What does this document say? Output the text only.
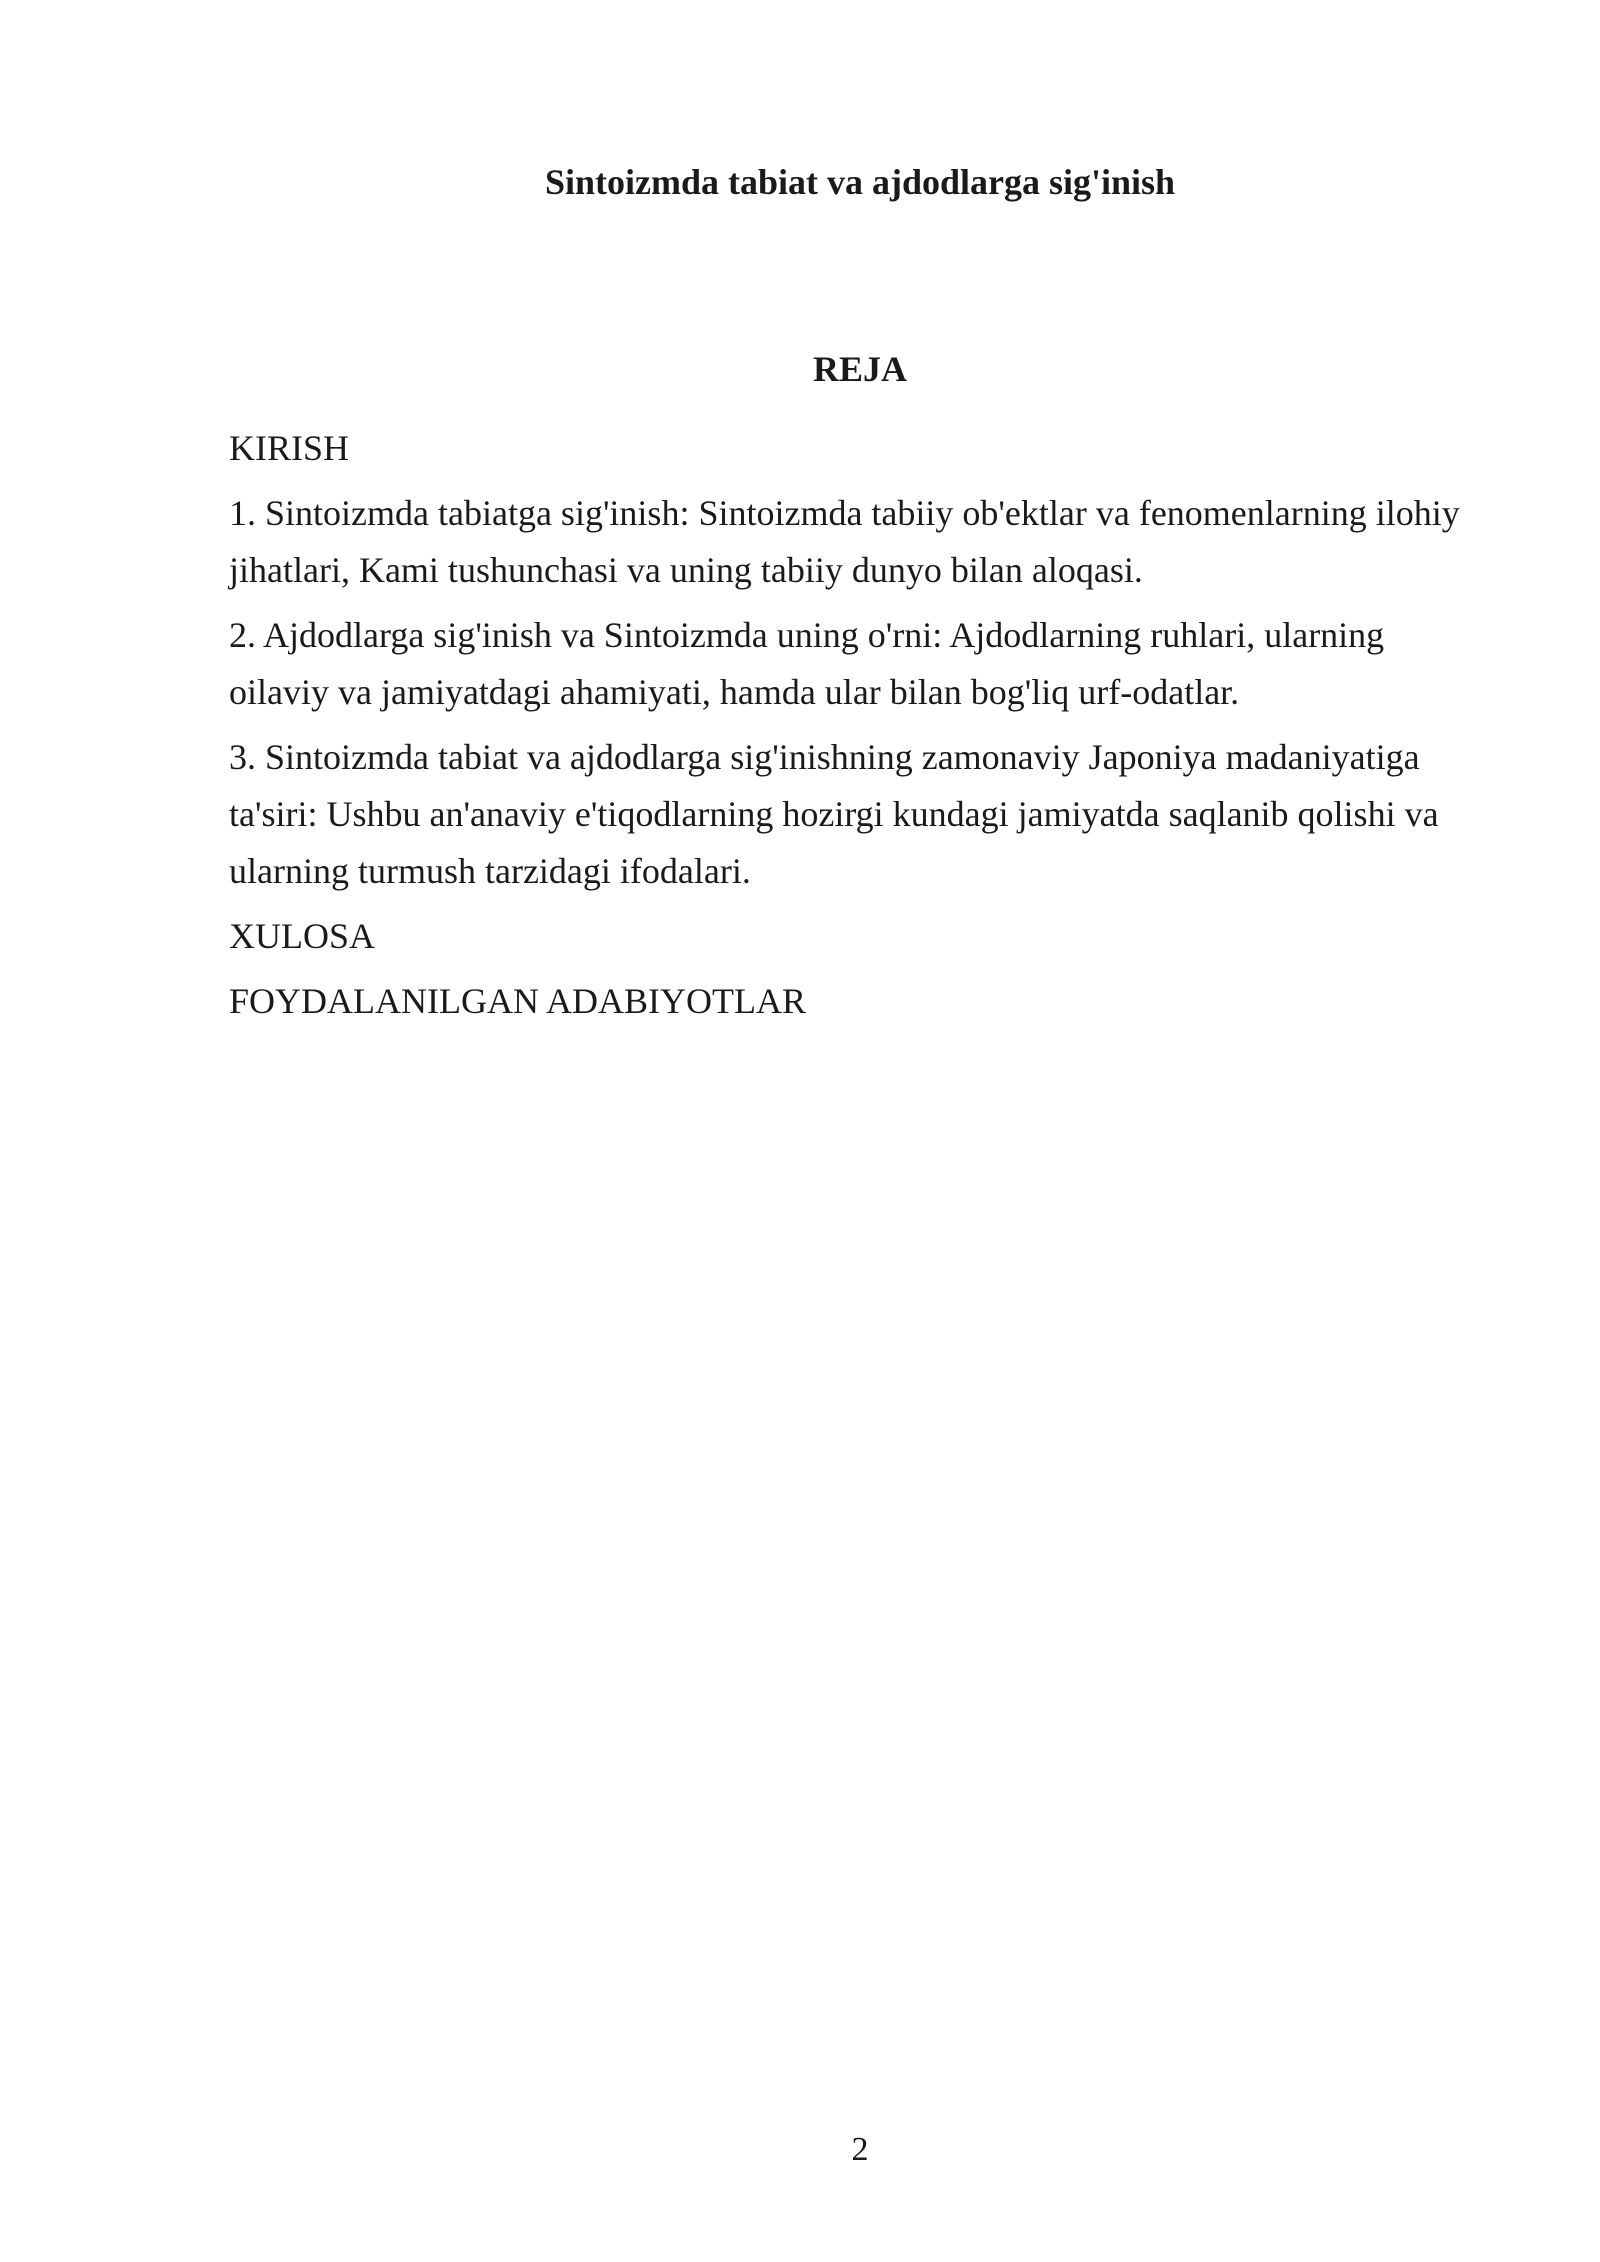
Sintoizmda tabiat va ajdodlarga sig'inish
REJA
KIRISH
1. Sintoizmda tabiatga sig'inish: Sintoizmda tabiiy ob'ektlar va fenomenlarning ilohiy jihatlari, Kami tushunchasi va uning tabiiy dunyo bilan aloqasi.
2. Ajdodlarga sig'inish va Sintoizmda uning o'rni: Ajdodlarning ruhlari, ularning oilaviy va jamiyatdagi ahamiyati, hamda ular bilan bog'liq urf-odatlar.
3. Sintoizmda tabiat va ajdodlarga sig'inishning zamonaviy Japoniya madaniyatiga ta'siri: Ushbu an'anaviy e'tiqodlarning hozirgi kundagi jamiyatda saqlanib qolishi va ularning turmush tarzidagi ifodalari.
XULOSA
FOYDALANILGAN ADABIYOTLAR
2
